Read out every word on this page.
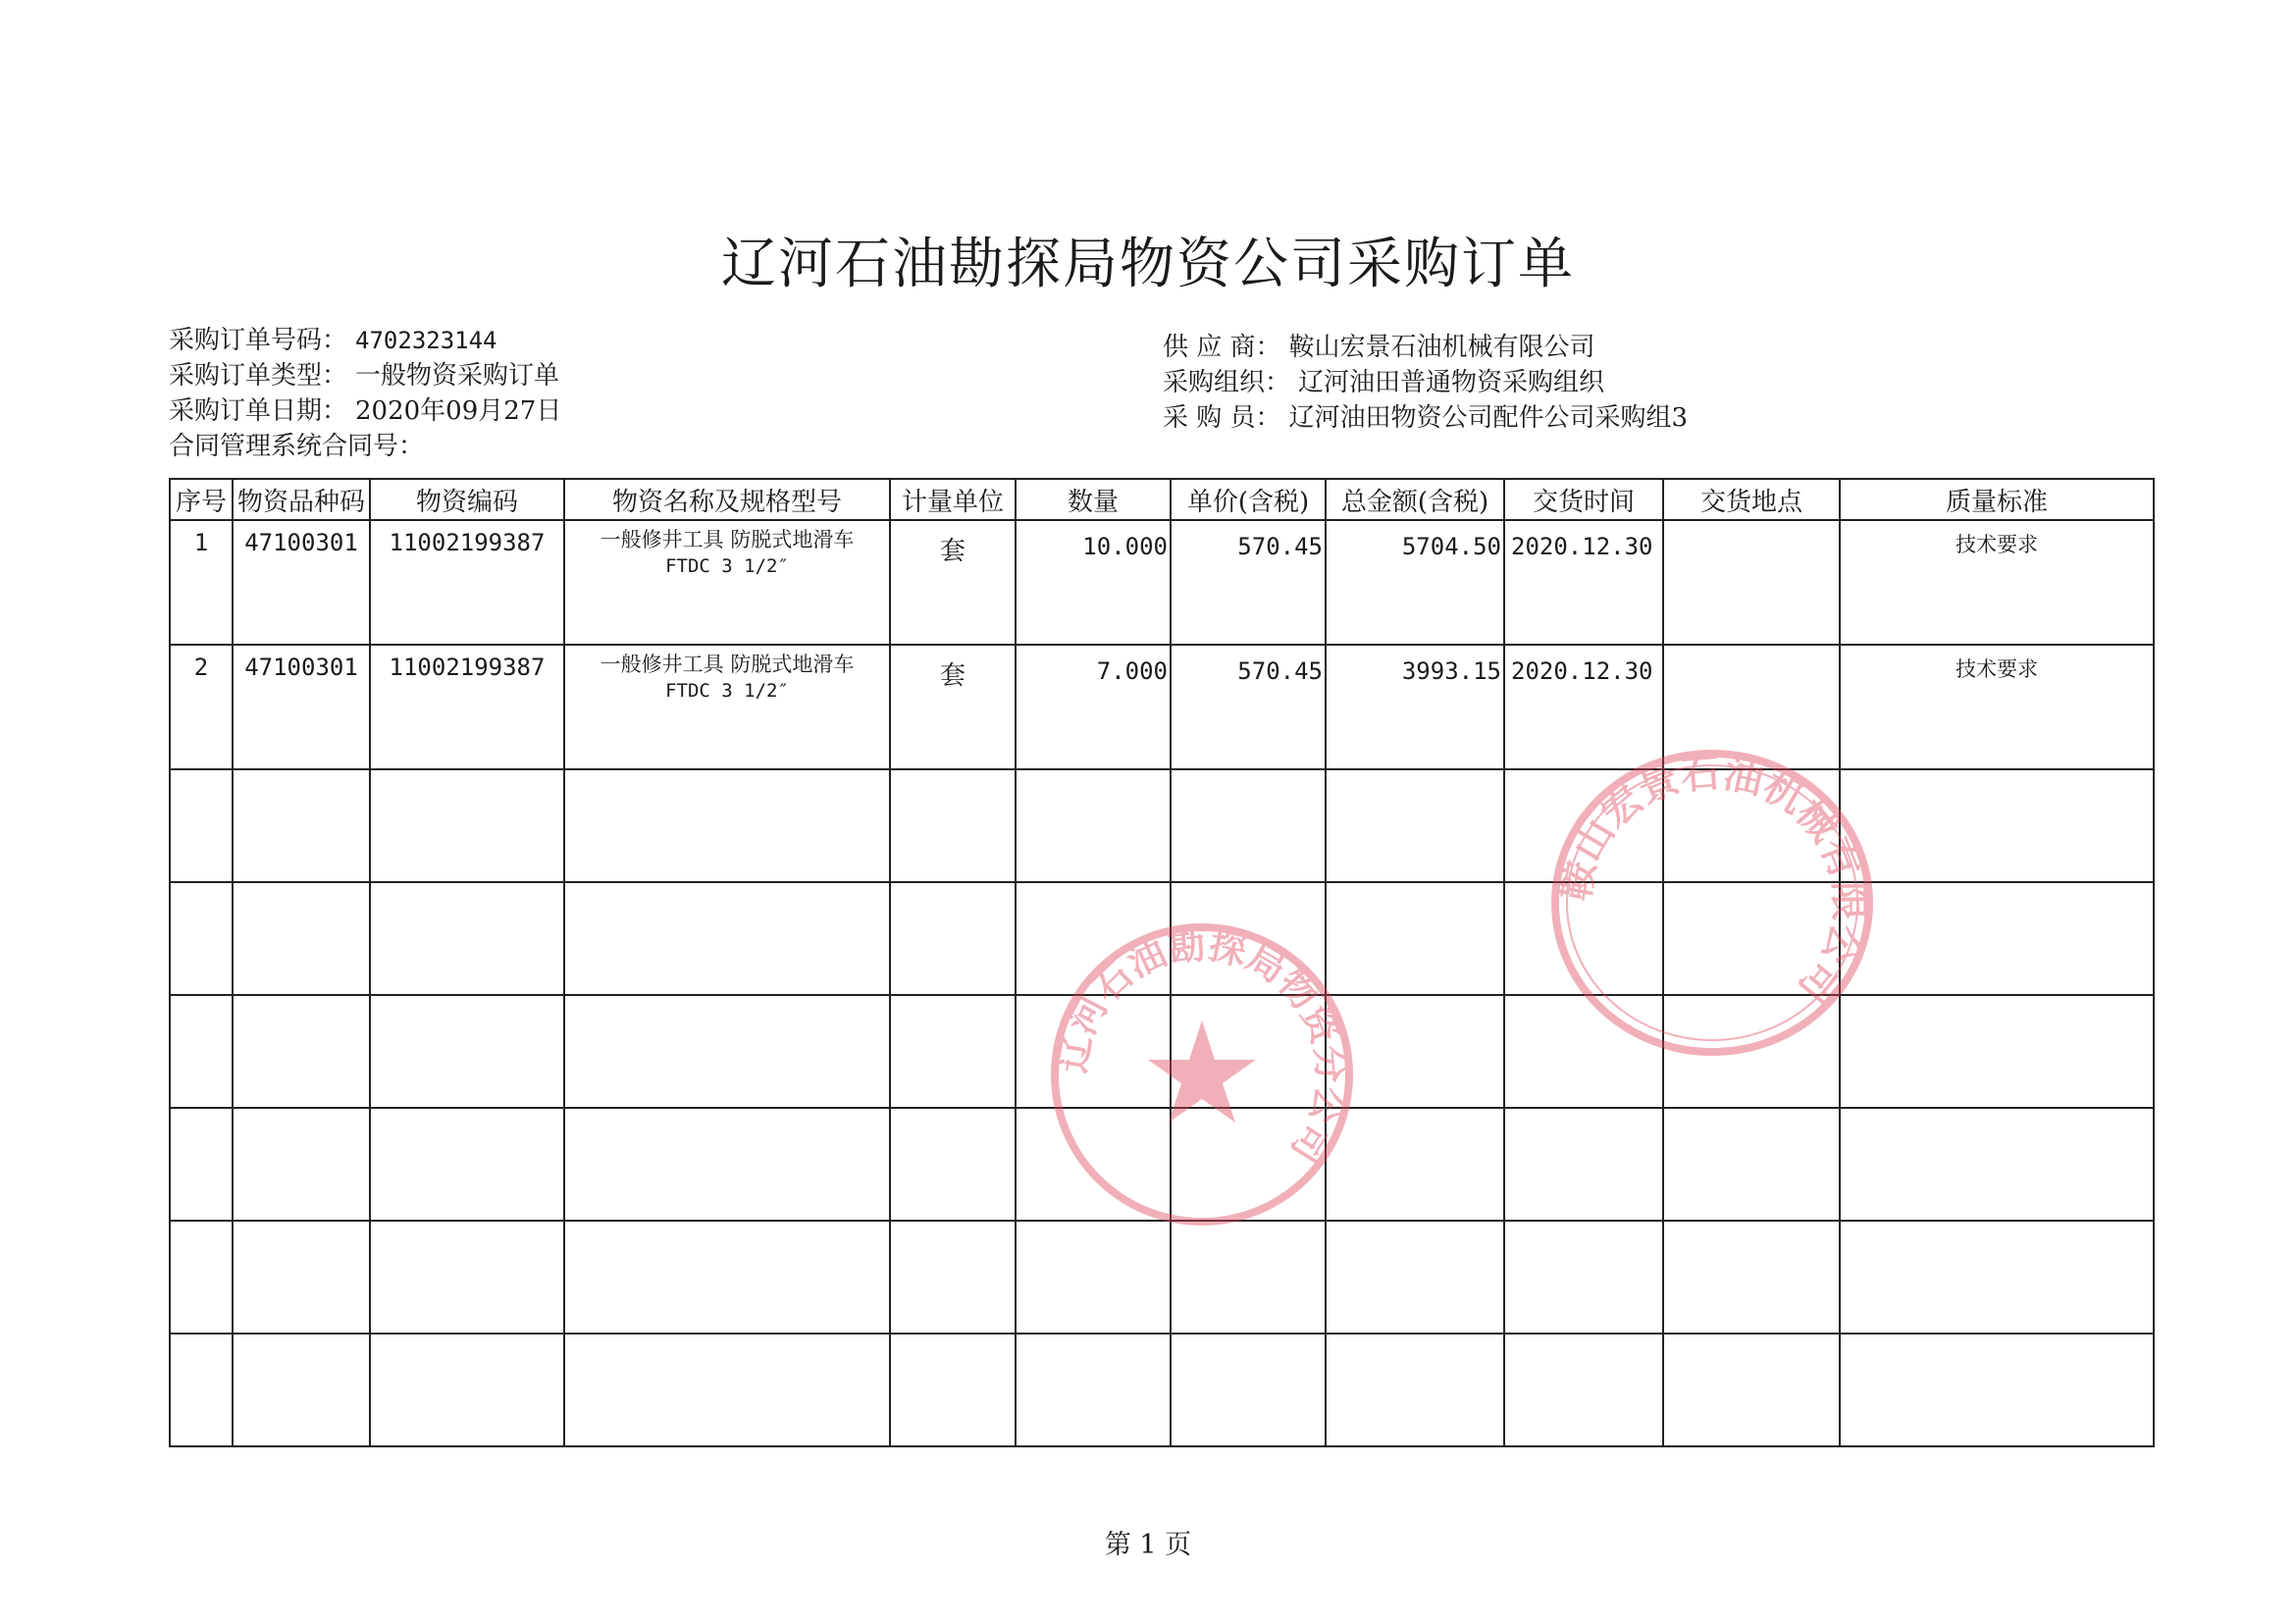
辽河石油勘探局物资公司采购订单
采购订单号码： 4702323144
采购订单类型： 一般物资采购订单
采购订单日期： 2020年09月27日
合同管理系统合同号：
供 应 商： 鞍山宏景石油机械有限公司
采购组织： 辽河油田普通物资采购组织
采 购 员： 辽河油田物资公司配件公司采购组3
序号	物资品种码	物资编码	物资名称及规格型号	计量单位	数量	单价(含税)	总金额(含税)	交货时间	交货地点	质量标准
1	47100301	11002199387	一般修井工具 防脱式地滑车
FTDC 3 1/2″	套	10.000	570.45	5704.50	2020.12.30		技术要求
2	47100301	11002199387	一般修井工具 防脱式地滑车
FTDC 3 1/2″	套	7.000	570.45	3993.15	2020.12.30		技术要求

第 1 页
辽河石油勘探局物资分公司
鞍山宏景石油机械有限公司
